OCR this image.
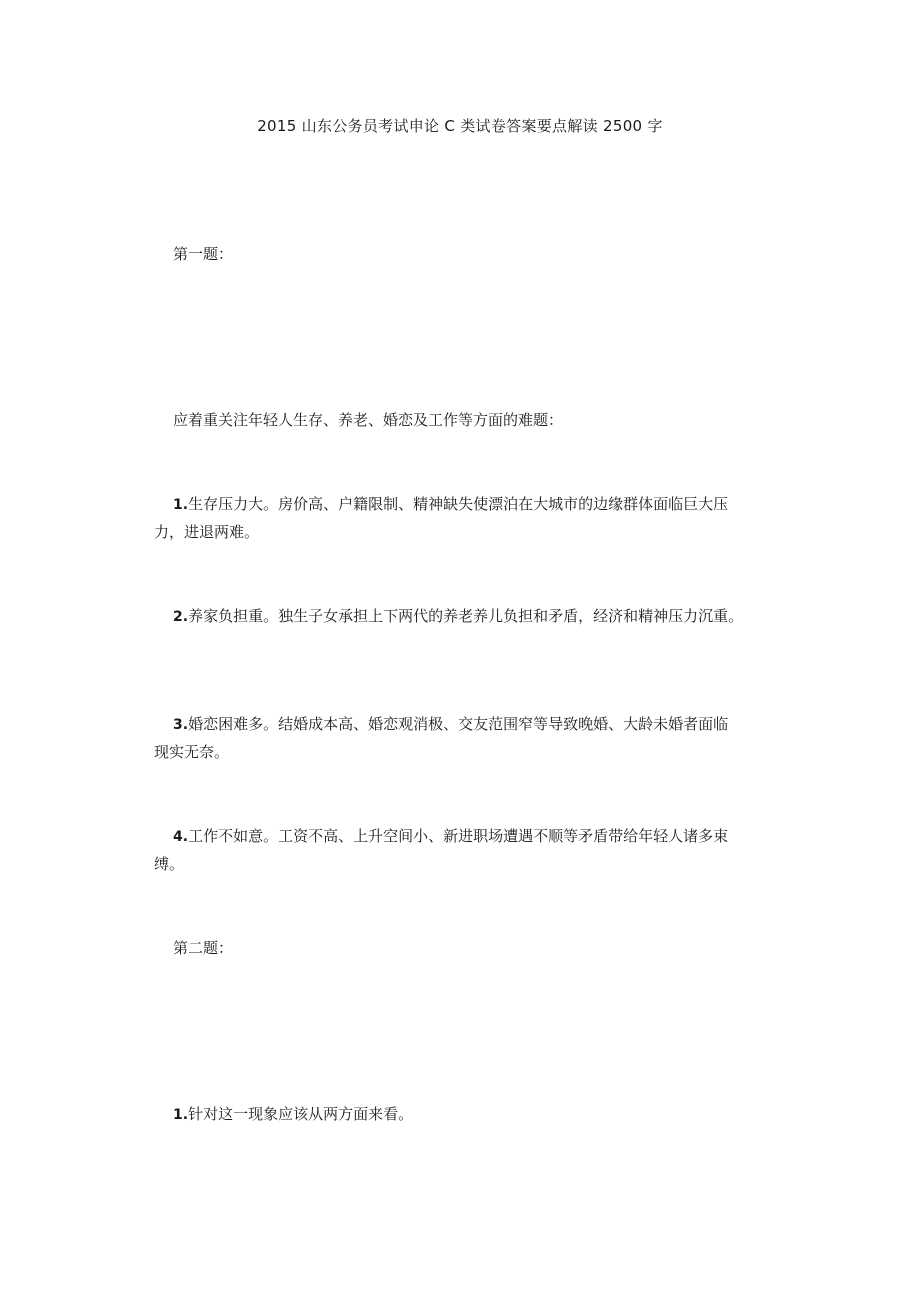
2015 山东公务员考试申论 C 类试卷答案要点解读 2500 字

第一题：

应着重关注年轻人生存、养老、婚恋及工作等方面的难题：

1.生存压力大。房价高、户籍限制、精神缺失使漂泊在大城市的边缘群体面临巨大压

力，进退两难。

2.养家负担重。独生子女承担上下两代的养老养儿负担和矛盾，经济和精神压力沉重。

3.婚恋困难多。结婚成本高、婚恋观消极、交友范围窄等导致晚婚、大龄未婚者面临

现实无奈。

4.工作不如意。工资不高、上升空间小、新进职场遭遇不顺等矛盾带给年轻人诸多束

缚。

第二题：

1.针对这一现象应该从两方面来看。
